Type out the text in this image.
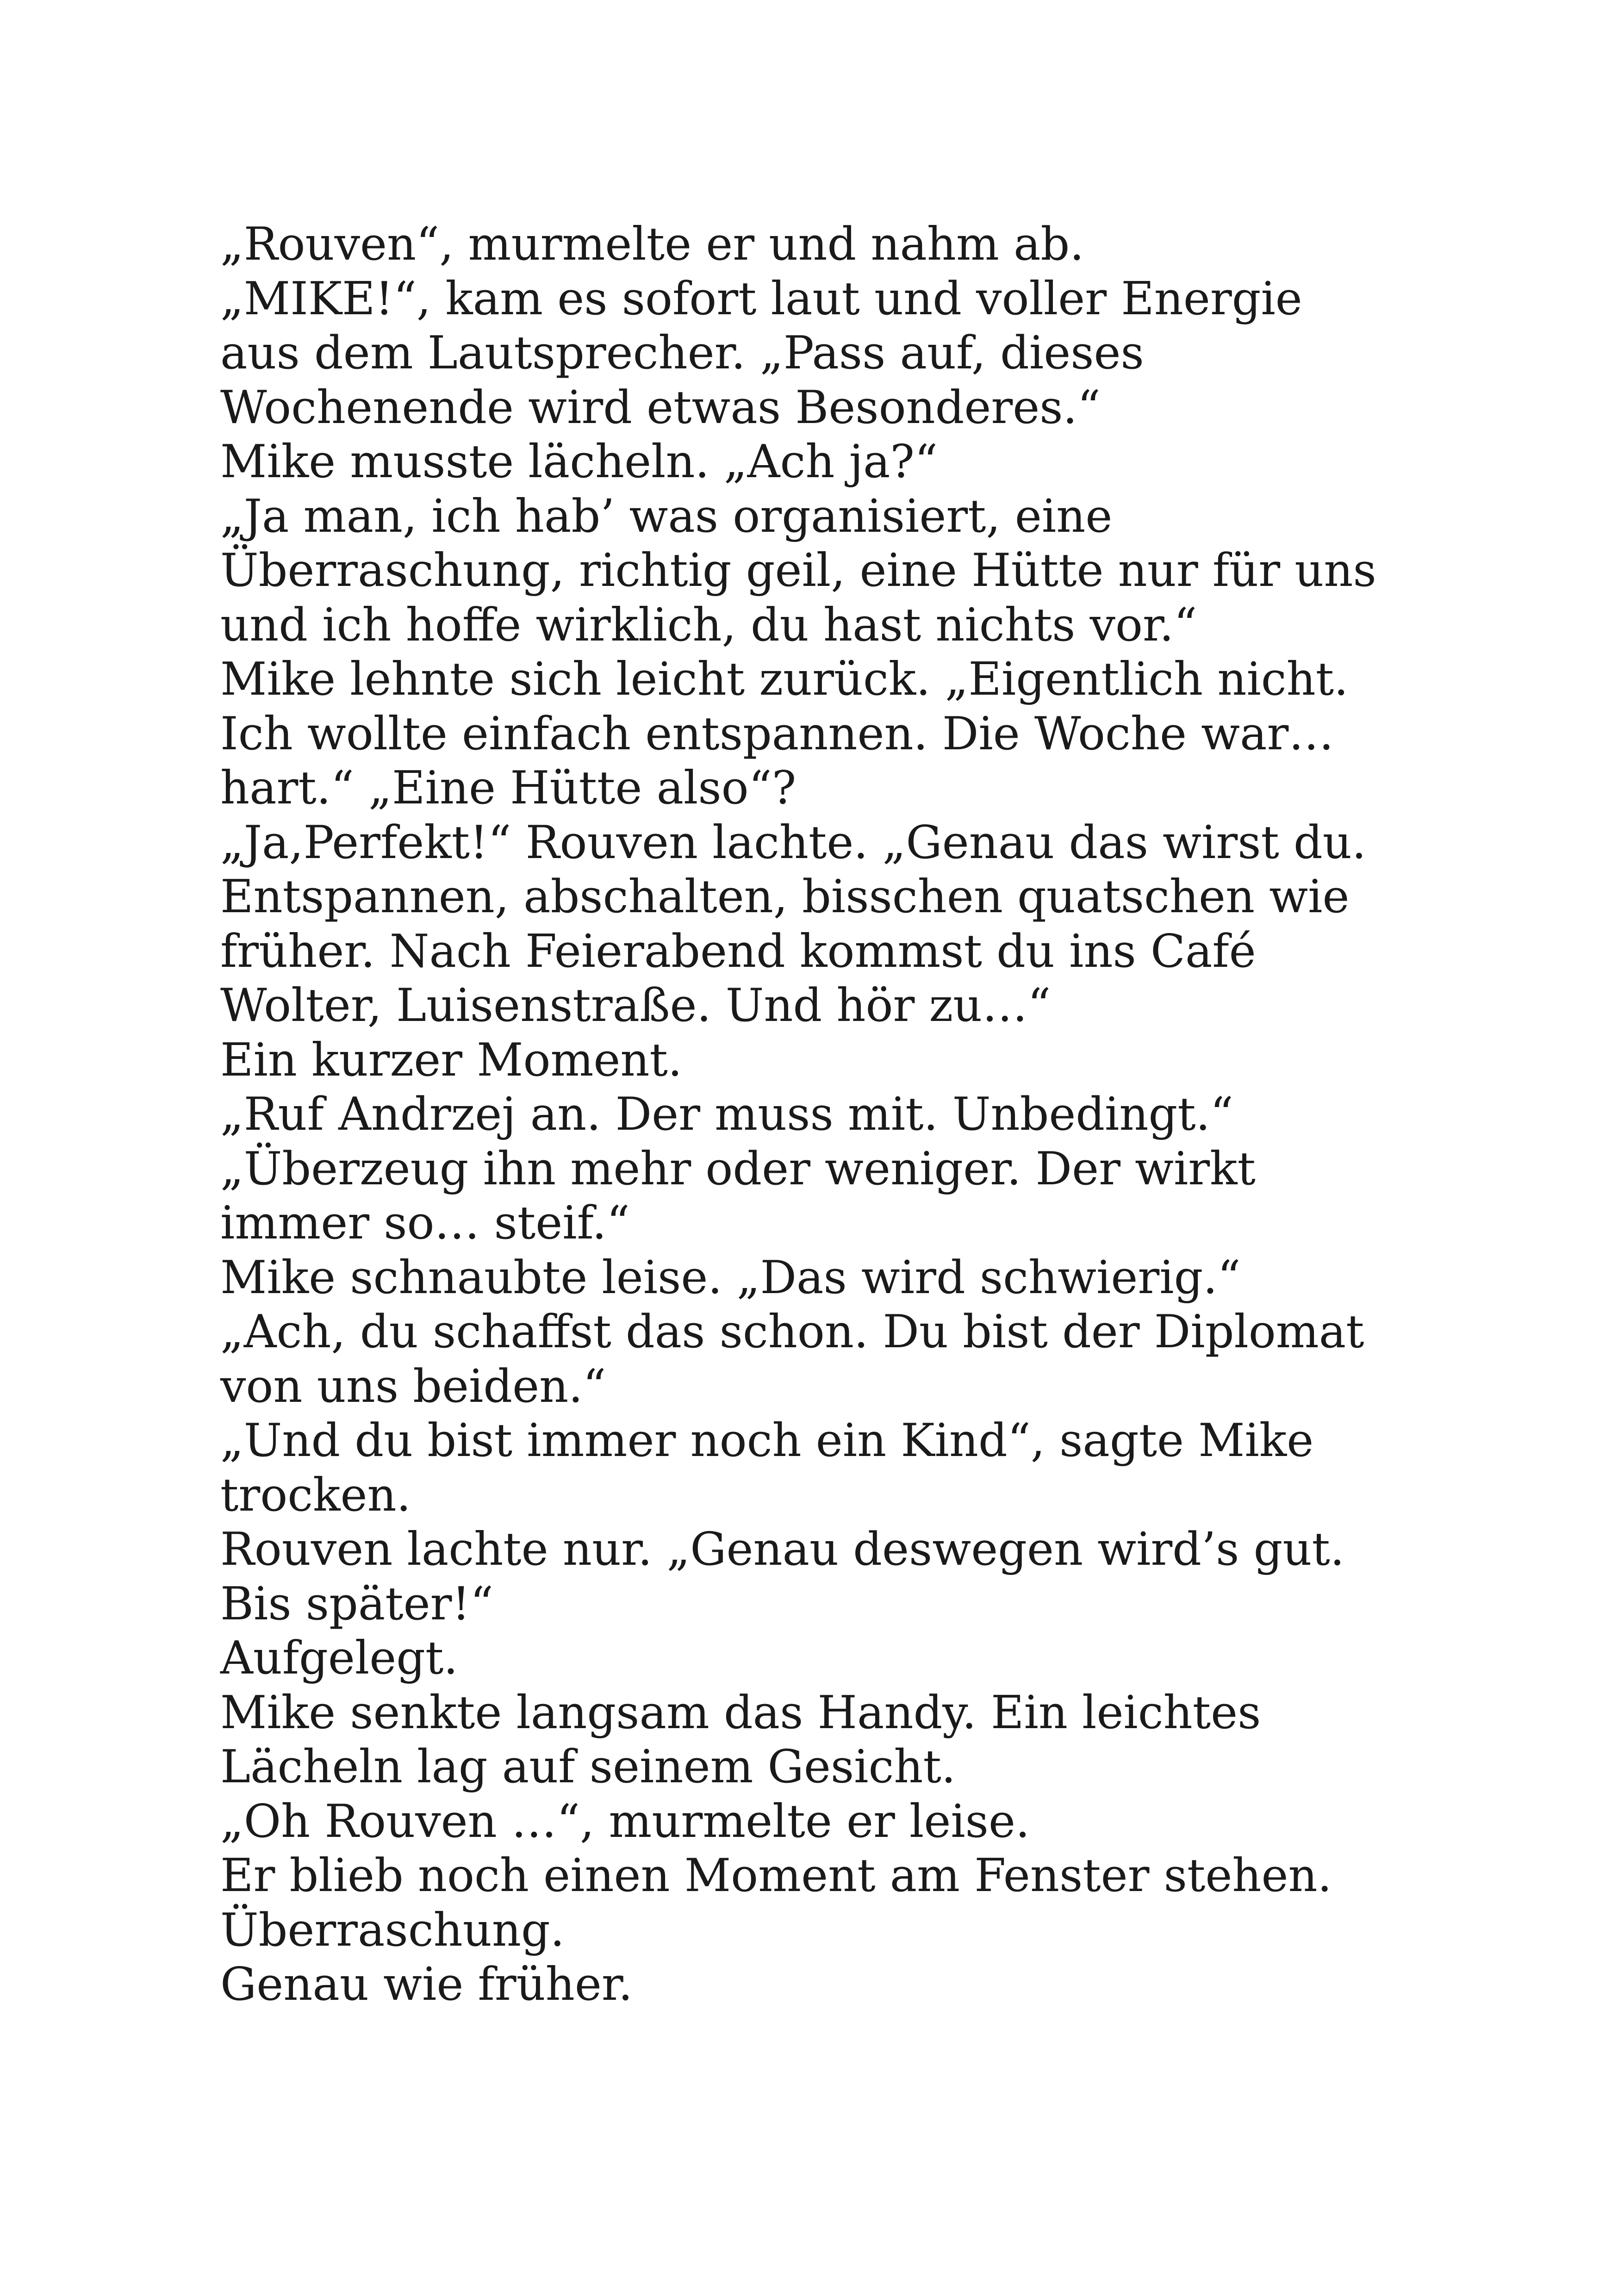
„Rouven“, murmelte er und nahm ab.
„MIKE!“, kam es sofort laut und voller Energie
aus dem Lautsprecher. „Pass auf, dieses
Wochenende wird etwas Besonderes.“
Mike musste lächeln. „Ach ja?“
„Ja man, ich hab’ was organisiert, eine
Überraschung, richtig geil, eine Hütte nur für uns
und ich hoffe wirklich, du hast nichts vor.“
Mike lehnte sich leicht zurück. „Eigentlich nicht.
Ich wollte einfach entspannen. Die Woche war…
hart.“ „Eine Hütte also“?
„Ja,Perfekt!“ Rouven lachte. „Genau das wirst du.
Entspannen, abschalten, bisschen quatschen wie
früher. Nach Feierabend kommst du ins Café
Wolter, Luisenstraße. Und hör zu…“
Ein kurzer Moment.
„Ruf Andrzej an. Der muss mit. Unbedingt.“
„Überzeug ihn mehr oder weniger. Der wirkt
immer so… steif.“
Mike schnaubte leise. „Das wird schwierig.“
„Ach, du schaffst das schon. Du bist der Diplomat
von uns beiden.“
„Und du bist immer noch ein Kind“, sagte Mike
trocken.
Rouven lachte nur. „Genau deswegen wird’s gut.
Bis später!“
Aufgelegt.
Mike senkte langsam das Handy. Ein leichtes
Lächeln lag auf seinem Gesicht.
„Oh Rouven …“, murmelte er leise.
Er blieb noch einen Moment am Fenster stehen.
Überraschung.
Genau wie früher.
